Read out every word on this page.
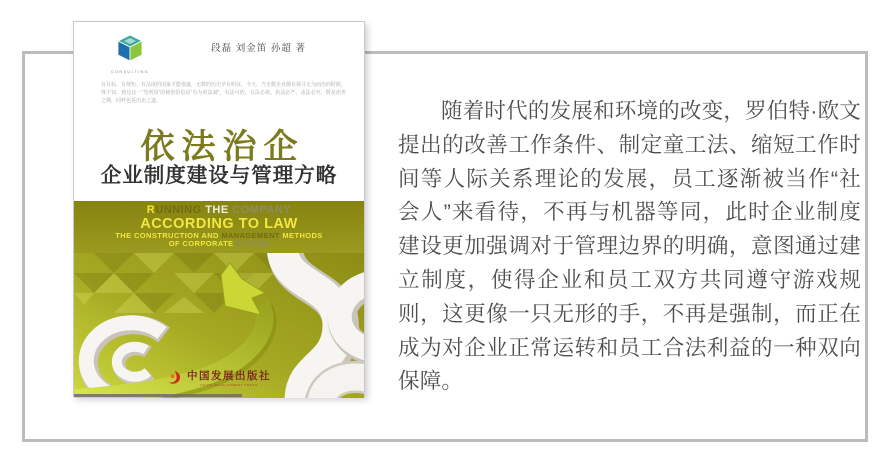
CONSULTING
段磊 刘金笛 孙超 著
有目标、有规矩、有法度的国家才能强盛，无数的历史早有明证。今天，当无数企业都在探寻无为而治的时候，殊不知，到达这一“光明顶”的秘密恰恰是“有为的法制”，有法可依、有法必依、执法必严、违法必究，既是治世之纲，同样也是治企之道。
依法治企
企业制度建设与管理方略
RUNNING THE COMPANY
ACCORDING TO LAW
THE CONSTRUCTION AND MANAGEMENT METHODS
OF CORPORATE SYSTEM
中国发展出版社
CHINA DEVELOPMENT PRESS
随着时代的发展和环境的改变，罗伯特·欧文提出的改善工作条件、制定童工法、缩短工作时间等人际关系理论的发展，员工逐渐被当作“社会人”来看待，不再与机器等同，此时企业制度建设更加强调对于管理边界的明确，意图通过建立制度，使得企业和员工双方共同遵守游戏规则，这更像一只无形的手，不再是强制，而正在成为对企业正常运转和员工合法利益的一种双向保障。
